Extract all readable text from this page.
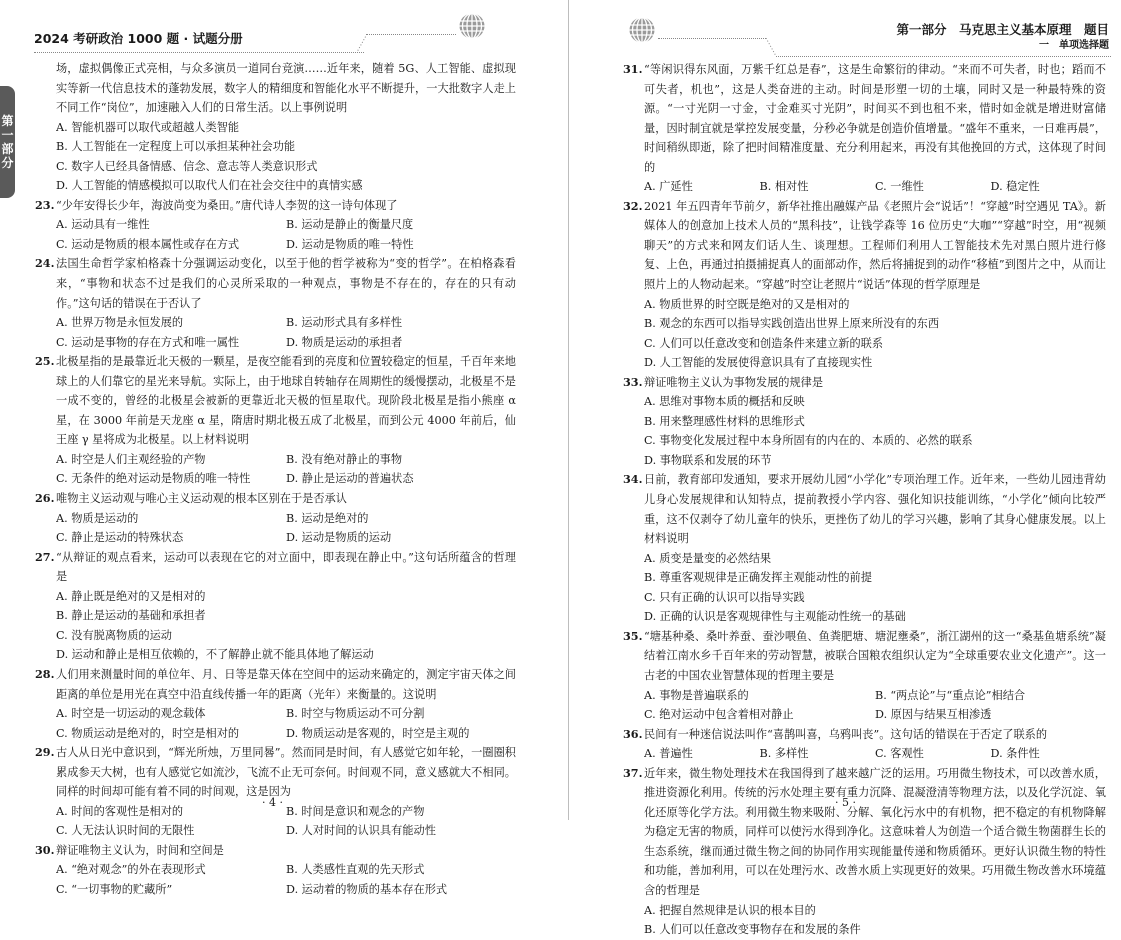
2024 考研政治 1000 题 · 试题分册
第
一
部
分
场，虚拟偶像正式亮相，与众多演员一道同台竞演……近年来，随着 5G、人工智能、虚拟现实等新一代信息技术的蓬勃发展，数字人的精细度和智能化水平不断提升，一大批数字人走上不同工作“岗位”，加速融入人们的日常生活。以上事例说明
A. 智能机器可以取代或超越人类智能
B. 人工智能在一定程度上可以承担某种社会功能
C. 数字人已经具备情感、信念、意志等人类意识形式
D. 人工智能的情感模拟可以取代人们在社会交往中的真情实感
23. “少年安得长少年，海波尚变为桑田。”唐代诗人李贺的这一诗句体现了
A. 运动具有一维性	B. 运动是静止的衡量尺度
C. 运动是物质的根本属性或存在方式	D. 运动是物质的唯一特性
24. 法国生命哲学家柏格森十分强调运动变化，以至于他的哲学被称为“变的哲学”。在柏格森看来，“事物和状态不过是我们的心灵所采取的一种观点，事物是不存在的，存在的只有动作。”这句话的错误在于否认了
A. 世界万物是永恒发展的	B. 运动形式具有多样性
C. 运动是事物的存在方式和唯一属性	D. 物质是运动的承担者
25. 北极星指的是最靠近北天极的一颗星，是夜空能看到的亮度和位置较稳定的恒星，千百年来地球上的人们靠它的星光来导航。实际上，由于地球自转轴存在周期性的缓慢摆动，北极星不是一成不变的，曾经的北极星会被新的更靠近北天极的恒星取代。现阶段北极星是指小熊座 α 星，在 3000 年前是天龙座 α 星，隋唐时期北极五成了北极星，而到公元 4000 年前后，仙王座 γ 星将成为北极星。以上材料说明
A. 时空是人们主观经验的产物	B. 没有绝对静止的事物
C. 无条件的绝对运动是物质的唯一特性	D. 静止是运动的普遍状态
26. 唯物主义运动观与唯心主义运动观的根本区别在于是否承认
A. 物质是运动的	B. 运动是绝对的
C. 静止是运动的特殊状态	D. 运动是物质的运动
27. “从辩证的观点看来，运动可以表现在它的对立面中，即表现在静止中。”这句话所蕴含的哲理是
A. 静止既是绝对的又是相对的
B. 静止是运动的基础和承担者
C. 没有脱离物质的运动
D. 运动和静止是相互依赖的，不了解静止就不能具体地了解运动
28. 人们用来测量时间的单位年、月、日等是靠天体在空间中的运动来确定的，测定宇宙天体之间距离的单位是用光在真空中沿直线传播一年的距离（光年）来衡量的。这说明
A. 时空是一切运动的观念载体	B. 时空与物质运动不可分割
C. 物质运动是绝对的，时空是相对的	D. 物质运动是客观的，时空是主观的
29. 古人从日光中意识到，“辉光所烛，万里同晷”。然而同是时间，有人感觉它如年轮，一圈圈积累成参天大树，也有人感觉它如流沙，飞流不止无可奈何。时间观不同，意义感就大不相同。同样的时间却可能有着不同的时间观，这是因为
A. 时间的客观性是相对的	B. 时间是意识和观念的产物
C. 人无法认识时间的无限性	D. 人对时间的认识具有能动性
30. 辩证唯物主义认为，时间和空间是
A. “绝对观念”的外在表现形式	B. 人类感性直观的先天形式
C. “一切事物的贮藏所”	D. 运动着的物质的基本存在形式
· 4 ·
第一部分　马克思主义基本原理　题目
一　单项选择题
31. “等闲识得东风面，万紫千红总是春”，这是生命繁衍的律动。“来而不可失者，时也；蹈而不可失者，机也”，这是人类奋进的主动。时间是形塑一切的土壤，同时又是一种最特殊的资源。“一寸光阴一寸金，寸金难买寸光阴”，时间买不到也租不来，惜时如金就是增进财富储量，因时制宜就是掌控发展变量，分秒必争就是创造价值增量。“盛年不重来，一日难再晨”，时间稍纵即逝，除了把时间精准度量、充分利用起来，再没有其他挽回的方式，这体现了时间的
A. 广延性	B. 相对性	C. 一维性	D. 稳定性
32. 2021 年五四青年节前夕，新华社推出融媒产品《老照片会“说话”！“穿越”时空遇见 TA》。新媒体人的创意加上技术人员的“黑科技”，让钱学森等 16 位历史“大咖”“穿越”时空，用“视频聊天”的方式来和网友们话人生、谈理想。工程师们利用人工智能技术先对黑白照片进行修复、上色，再通过拍摄捕捉真人的面部动作，然后将捕捉到的动作“移植”到图片之中，从而让照片上的人物动起来。“穿越”时空让老照片“说话”体现的哲学原理是
A. 物质世界的时空既是绝对的又是相对的
B. 观念的东西可以指导实践创造出世界上原来所没有的东西
C. 人们可以任意改变和创造条件来建立新的联系
D. 人工智能的发展使得意识具有了直接现实性
33. 辩证唯物主义认为事物发展的规律是
A. 思维对事物本质的概括和反映
B. 用来整理感性材料的思维形式
C. 事物变化发展过程中本身所固有的内在的、本质的、必然的联系
D. 事物联系和发展的环节
34. 日前，教育部印发通知，要求开展幼儿园“小学化”专项治理工作。近年来，一些幼儿园违背幼儿身心发展规律和认知特点，提前教授小学内容、强化知识技能训练，“小学化”倾向比较严重，这不仅剥夺了幼儿童年的快乐，更挫伤了幼儿的学习兴趣，影响了其身心健康发展。以上材料说明
A. 质变是量变的必然结果
B. 尊重客观规律是正确发挥主观能动性的前提
C. 只有正确的认识可以指导实践
D. 正确的认识是客观规律性与主观能动性统一的基础
35. “塘基种桑、桑叶养蚕、蚕沙喂鱼、鱼粪肥塘、塘泥壅桑”，浙江湖州的这一“桑基鱼塘系统”凝结着江南水乡千百年来的劳动智慧，被联合国粮农组织认定为“全球重要农业文化遗产”。这一古老的中国农业智慧体现的哲理主要是
A. 事物是普遍联系的	B. “两点论”与“重点论”相结合
C. 绝对运动中包含着相对静止	D. 原因与结果互相渗透
36. 民间有一种迷信说法叫作“喜鹊叫喜，乌鸦叫丧”。这句话的错误在于否定了联系的
A. 普遍性	B. 多样性	C. 客观性	D. 条件性
37. 近年来，微生物处理技术在我国得到了越来越广泛的运用。巧用微生物技术，可以改善水质，推进资源化利用。传统的污水处理主要有重力沉降、混凝澄清等物理方法，以及化学沉淀、氧化还原等化学方法。利用微生物来吸附、分解、氧化污水中的有机物，把不稳定的有机物降解为稳定无害的物质，同样可以使污水得到净化。这意味着人为创造一个适合微生物菌群生长的生态系统，继而通过微生物之间的协同作用实现能量传递和物质循环。更好认识微生物的特性和功能，善加利用，可以在处理污水、改善水质上实现更好的效果。巧用微生物改善水环境蕴含的哲理是
A. 把握自然规律是认识的根本目的
B. 人们可以任意改变事物存在和发展的条件
· 5 ·
